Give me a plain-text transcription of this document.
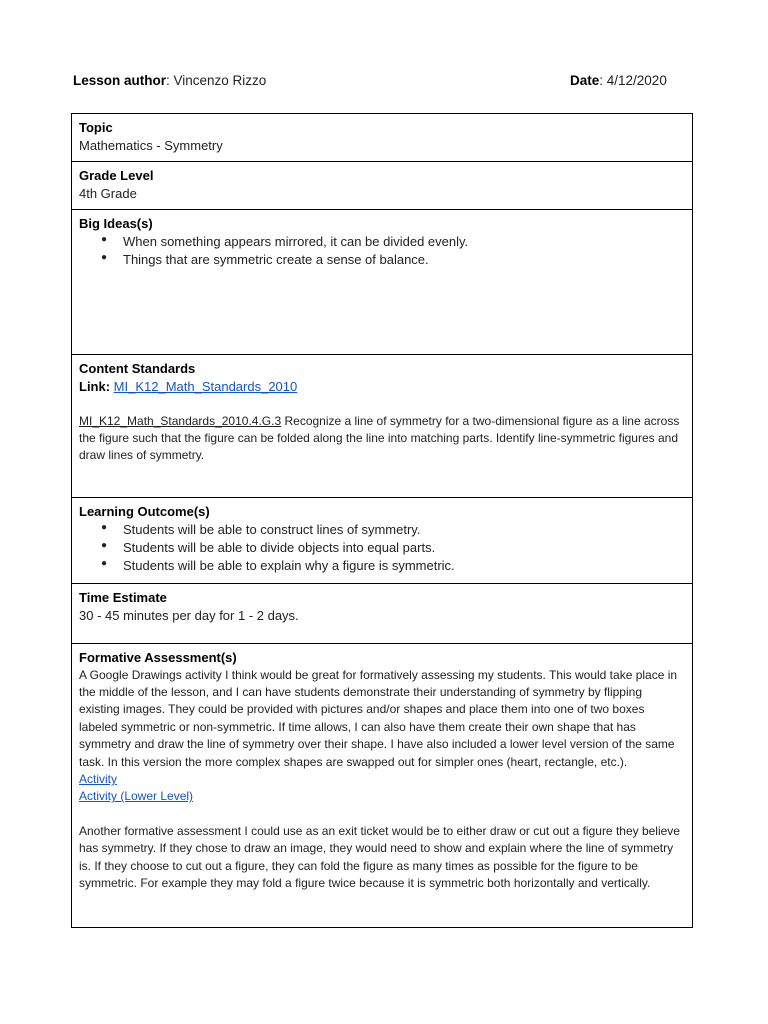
Lesson author: Vincenzo Rizzo	Date: 4/12/2020
Topic
Mathematics - Symmetry

Grade Level
4th Grade

Big Ideas(s)
● When something appears mirrored, it can be divided evenly.
● Things that are symmetric create a sense of balance.

Content Standards
Link: MI_K12_Math_Standards_2010
MI_K12_Math_Standards_2010.4.G.3 Recognize a line of symmetry for a two-dimensional figure as a line across the figure such that the figure can be folded along the line into matching parts. Identify line-symmetric figures and draw lines of symmetry.

Learning Outcome(s)
● Students will be able to construct lines of symmetry.
● Students will be able to divide objects into equal parts.
● Students will be able to explain why a figure is symmetric.

Time Estimate
30 - 45 minutes per day for 1 - 2 days.

Formative Assessment(s)
A Google Drawings activity I think would be great for formatively assessing my students. This would take place in the middle of the lesson, and I can have students demonstrate their understanding of symmetry by flipping existing images. They could be provided with pictures and/or shapes and place them into one of two boxes labeled symmetric or non-symmetric. If time allows, I can also have them create their own shape that has symmetry and draw the line of symmetry over their shape. I have also included a lower level version of the same task. In this version the more complex shapes are swapped out for simpler ones (heart, rectangle, etc.).
Activity
Activity (Lower Level)
Another formative assessment I could use as an exit ticket would be to either draw or cut out a figure they believe has symmetry. If they chose to draw an image, they would need to show and explain where the line of symmetry is. If they choose to cut out a figure, they can fold the figure as many times as possible for the figure to be symmetric. For example they may fold a figure twice because it is symmetric both horizontally and vertically.
